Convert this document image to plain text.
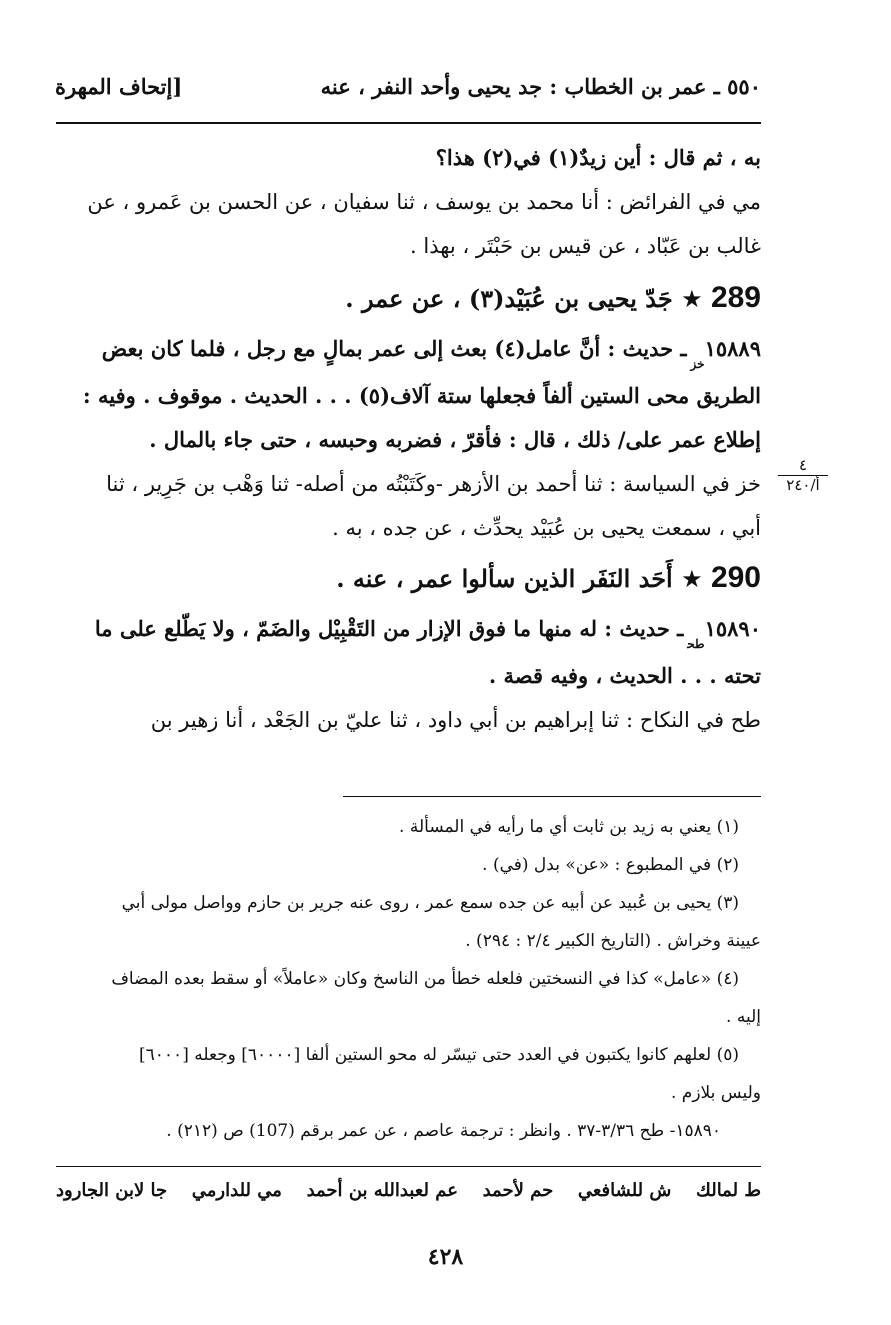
٥٥٠ ـ عمر بن الخطاب : جد يحيى وأحد النفر ، عنه
[إتحاف المهرة

به ، ثم قال : أين زيدٌ(١) في(٢) هذا؟

مي في الفرائض : أنا محمد بن يوسف ، ثنا سفيان ، عن الحسن بن عَمرو ، عن

غالب بن عَبّاد ، عن قيس بن حَبْتَر ، بهذا .

289 ★ جَدّ يحيى بن عُبَيْد(٣) ، عن عمر .

$١٥٨٨٩_{خز}ـ$ حديث : أنَّ عامل(٤) بعث إلى عمر بمالٍ مع رجل ، فلما كان بعض

الطريق محى الستين ألفاً فجعلها ستة آلاف(٥) . . . الحديث . موقوف . وفيه :

إطلاع عمر على/ ذلك ، قال : فأقرّ ، فضربه وحبسه ، حتى جاء بالمال .

خز في السياسة : ثنا أحمد بن الأزهر -وكَتَبْتُه من أصله- ثنا وَهْب بن جَرِير ، ثنا

أبي ، سمعت يحيى بن عُبَيْد يحدِّث ، عن جده ، به .

290 ★ أَحَد النَفَر الذين سألوا عمر ، عنه .

$١٥٨٩٠_{طح}ـ$ حديث : له منها ما فوق الإزار من التَقْبِيْل والضَمّ ، ولا يَطّلع على ما

تحته . . . الحديث ، وفيه قصة .

طح في النكاح : ثنا إبراهيم بن أبي داود ، ثنا عليّ بن الجَعْد ، أنا زهير بن

٤
أ/٢٤٠

(١) يعني به زيد بن ثابت أي ما رأيه في المسألة .

(٢) في المطبوع : «عن» بدل (في) .

(٣) يحيى بن عُبيد عن أبيه عن جده سمع عمر ، روى عنه جرير بن حازم وواصل مولى أبي

عيينة وخراش . (التاريخ الكبير ٢/٤ : ٢٩٤) .

(٤) «عامل» كذا في النسختين فلعله خطأ من الناسخ وكان «عاملاً» أو سقط بعده المضاف

إليه .

(٥) لعلهم كانوا يكتبون في العدد حتى تيسّر له محو الستين ألفا [٦٠٠٠٠] وجعله [٦٠٠٠]

وليس بلازم .

١٥٨٩٠- طح ٣/٣٦-٣٧ . وانظر : ترجمة عاصم ، عن عمر برقم (107) ص (٢١٢) .

ط لمالك
ش للشافعي
حم لأحمد
عم لعبدالله بن أحمد
مي للدارمي
جا لابن الجارود
٤٢٨
